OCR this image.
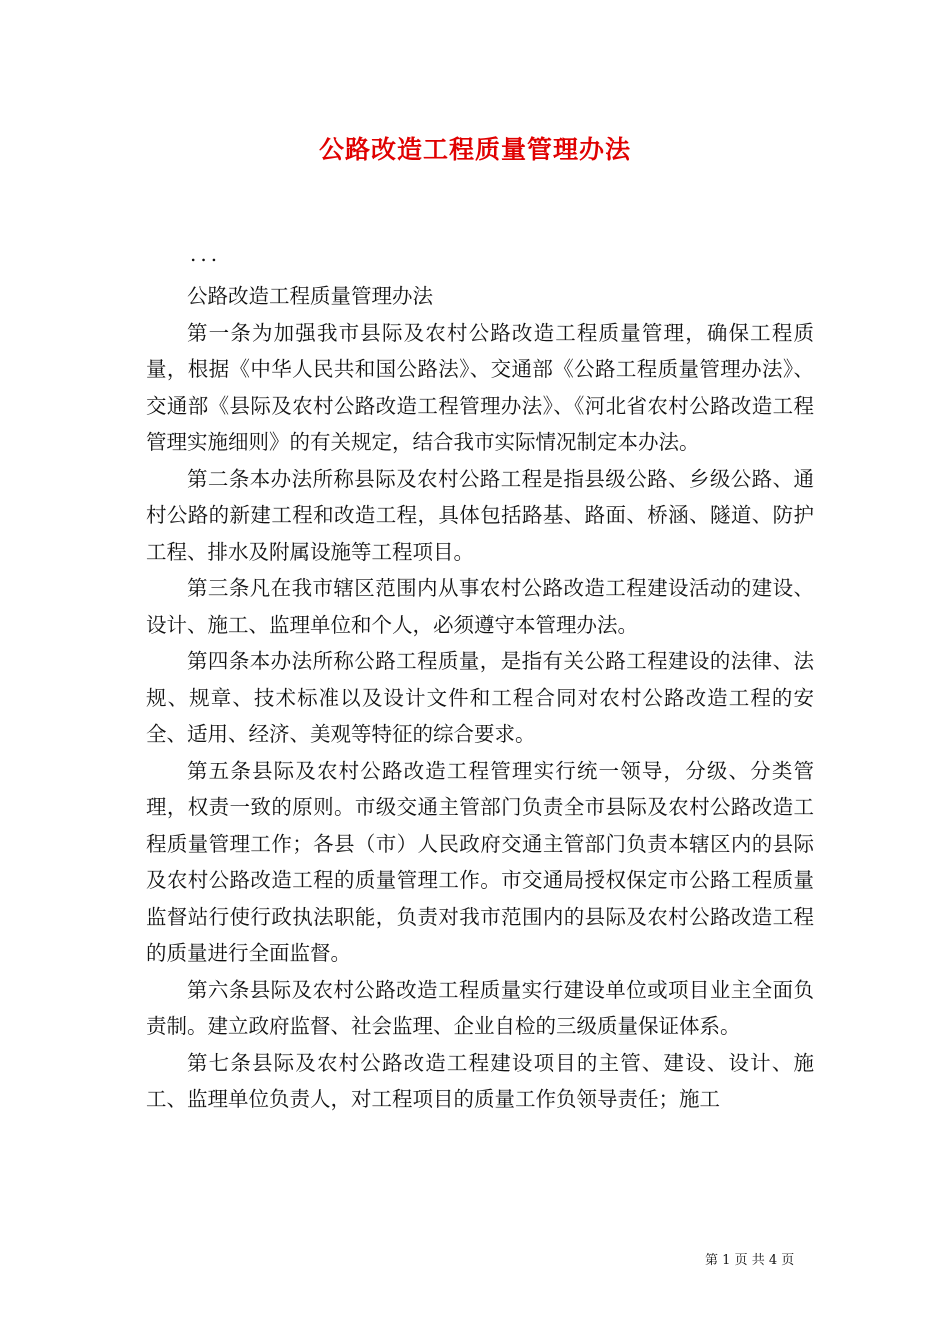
公路改造工程质量管理办法

...

公路改造工程质量管理办法

第一条为加强我市县际及农村公路改造工程质量管理，确保工程质量，根据《中华人民共和国公路法》、交通部《公路工程质量管理办法》、交通部《县际及农村公路改造工程管理办法》、《河北省农村公路改造工程管理实施细则》的有关规定，结合我市实际情况制定本办法。

第二条本办法所称县际及农村公路工程是指县级公路、乡级公路、通村公路的新建工程和改造工程，具体包括路基、路面、桥涵、隧道、防护工程、排水及附属设施等工程项目。

第三条凡在我市辖区范围内从事农村公路改造工程建设活动的建设、设计、施工、监理单位和个人，必须遵守本管理办法。

第四条本办法所称公路工程质量，是指有关公路工程建设的法律、法规、规章、技术标准以及设计文件和工程合同对农村公路改造工程的安全、适用、经济、美观等特征的综合要求。

第五条县际及农村公路改造工程管理实行统一领导，分级、分类管理，权责一致的原则。市级交通主管部门负责全市县际及农村公路改造工程质量管理工作；各县（市）人民政府交通主管部门负责本辖区内的县际及农村公路改造工程的质量管理工作。市交通局授权保定市公路工程质量监督站行使行政执法职能，负责对我市范围内的县际及农村公路改造工程的质量进行全面监督。

第六条县际及农村公路改造工程质量实行建设单位或项目业主全面负责制。建立政府监督、社会监理、企业自检的三级质量保证体系。

第七条县际及农村公路改造工程建设项目的主管、建设、设计、施工、监理单位负责人，对工程项目的质量工作负领导责任；施工

第 1 页 共 4 页
